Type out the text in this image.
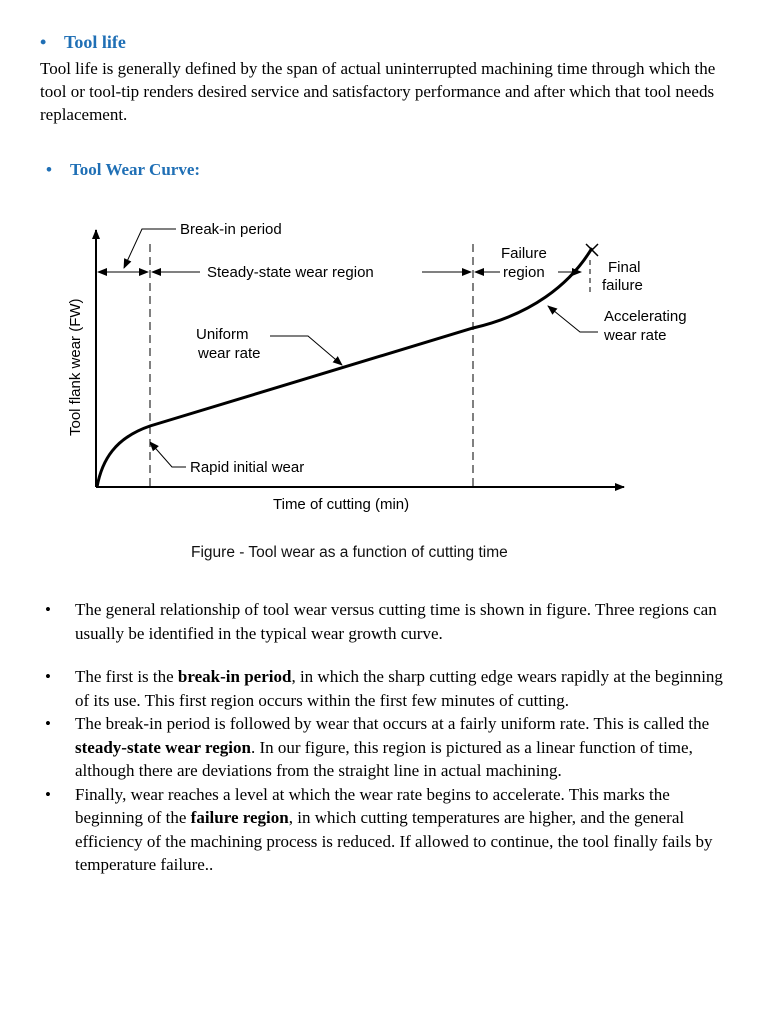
• Tool life
Tool life is generally defined by the span of actual uninterrupted machining time through which the tool or tool-tip renders desired service and satisfactory performance and after which that tool needs replacement.
• Tool Wear Curve:
Break-in period
Steady-state wear region
Failure
region	Final
failure
Accelerating
wear rate
Uniform
wear rate
Rapid initial wear
Tool flank wear (FW)
Time of cutting (min)
Figure - Tool wear as a function of cutting time
• The general relationship of tool wear versus cutting time is shown in figure. Three regions can usually be identified in the typical wear growth curve.
• The first is the break-in period, in which the sharp cutting edge wears rapidly at the beginning of its use. This first region occurs within the first few minutes of cutting.
• The break-in period is followed by wear that occurs at a fairly uniform rate. This is called the steady-state wear region. In our figure, this region is pictured as a linear function of time, although there are deviations from the straight line in actual machining.
• Finally, wear reaches a level at which the wear rate begins to accelerate. This marks the beginning of the failure region, in which cutting temperatures are higher, and the general efficiency of the machining process is reduced. If allowed to continue, the tool finally fails by temperature failure..
